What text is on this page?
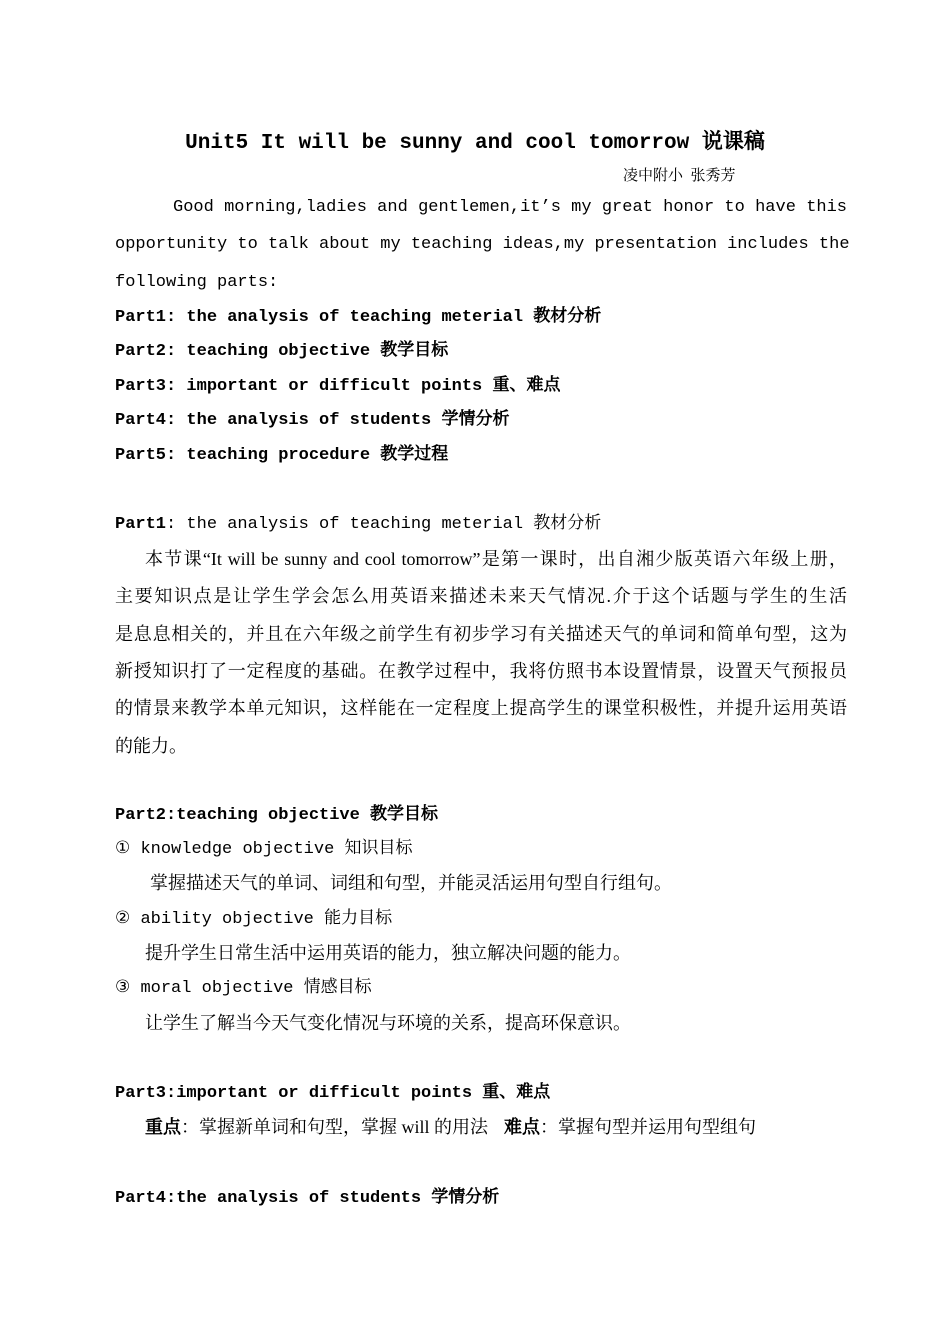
Unit5 It will be sunny and cool tomorrow 说课稿
凌中附小  张秀芳
Good morning,ladies and gentlemen,it’s my great honor to have this
opportunity to talk about my teaching ideas,my presentation includes the
following parts:
Part1: the analysis of teaching meterial 教材分析
Part2: teaching objective 教学目标
Part3: important or difficult points 重、难点
Part4: the analysis of students 学情分析
Part5: teaching procedure 教学过程
Part1: the analysis of teaching meterial 教材分析
本节课“It will be sunny and cool tomorrow”是第一课时，出自湘少版英语六年级上册，
主要知识点是让学生学会怎么用英语来描述未来天气情况.介于这个话题与学生的生活
是息息相关的，并且在六年级之前学生有初步学习有关描述天气的单词和简单句型，这为
新授知识打了一定程度的基础。在教学过程中，我将仿照书本设置情景，设置天气预报员
的情景来教学本单元知识，这样能在一定程度上提高学生的课堂积极性，并提升运用英语
的能力。
Part2:teaching objective 教学目标
① knowledge objective 知识目标
掌握描述天气的单词、词组和句型，并能灵活运用句型自行组句。
② ability objective 能力目标
提升学生日常生活中运用英语的能力，独立解决问题的能力。
③ moral objective 情感目标
让学生了解当今天气变化情况与环境的关系，提高环保意识。
Part3:important or difficult points 重、难点
重点：掌握新单词和句型，掌握 will 的用法 难点：掌握句型并运用句型组句
Part4:the analysis of students 学情分析
